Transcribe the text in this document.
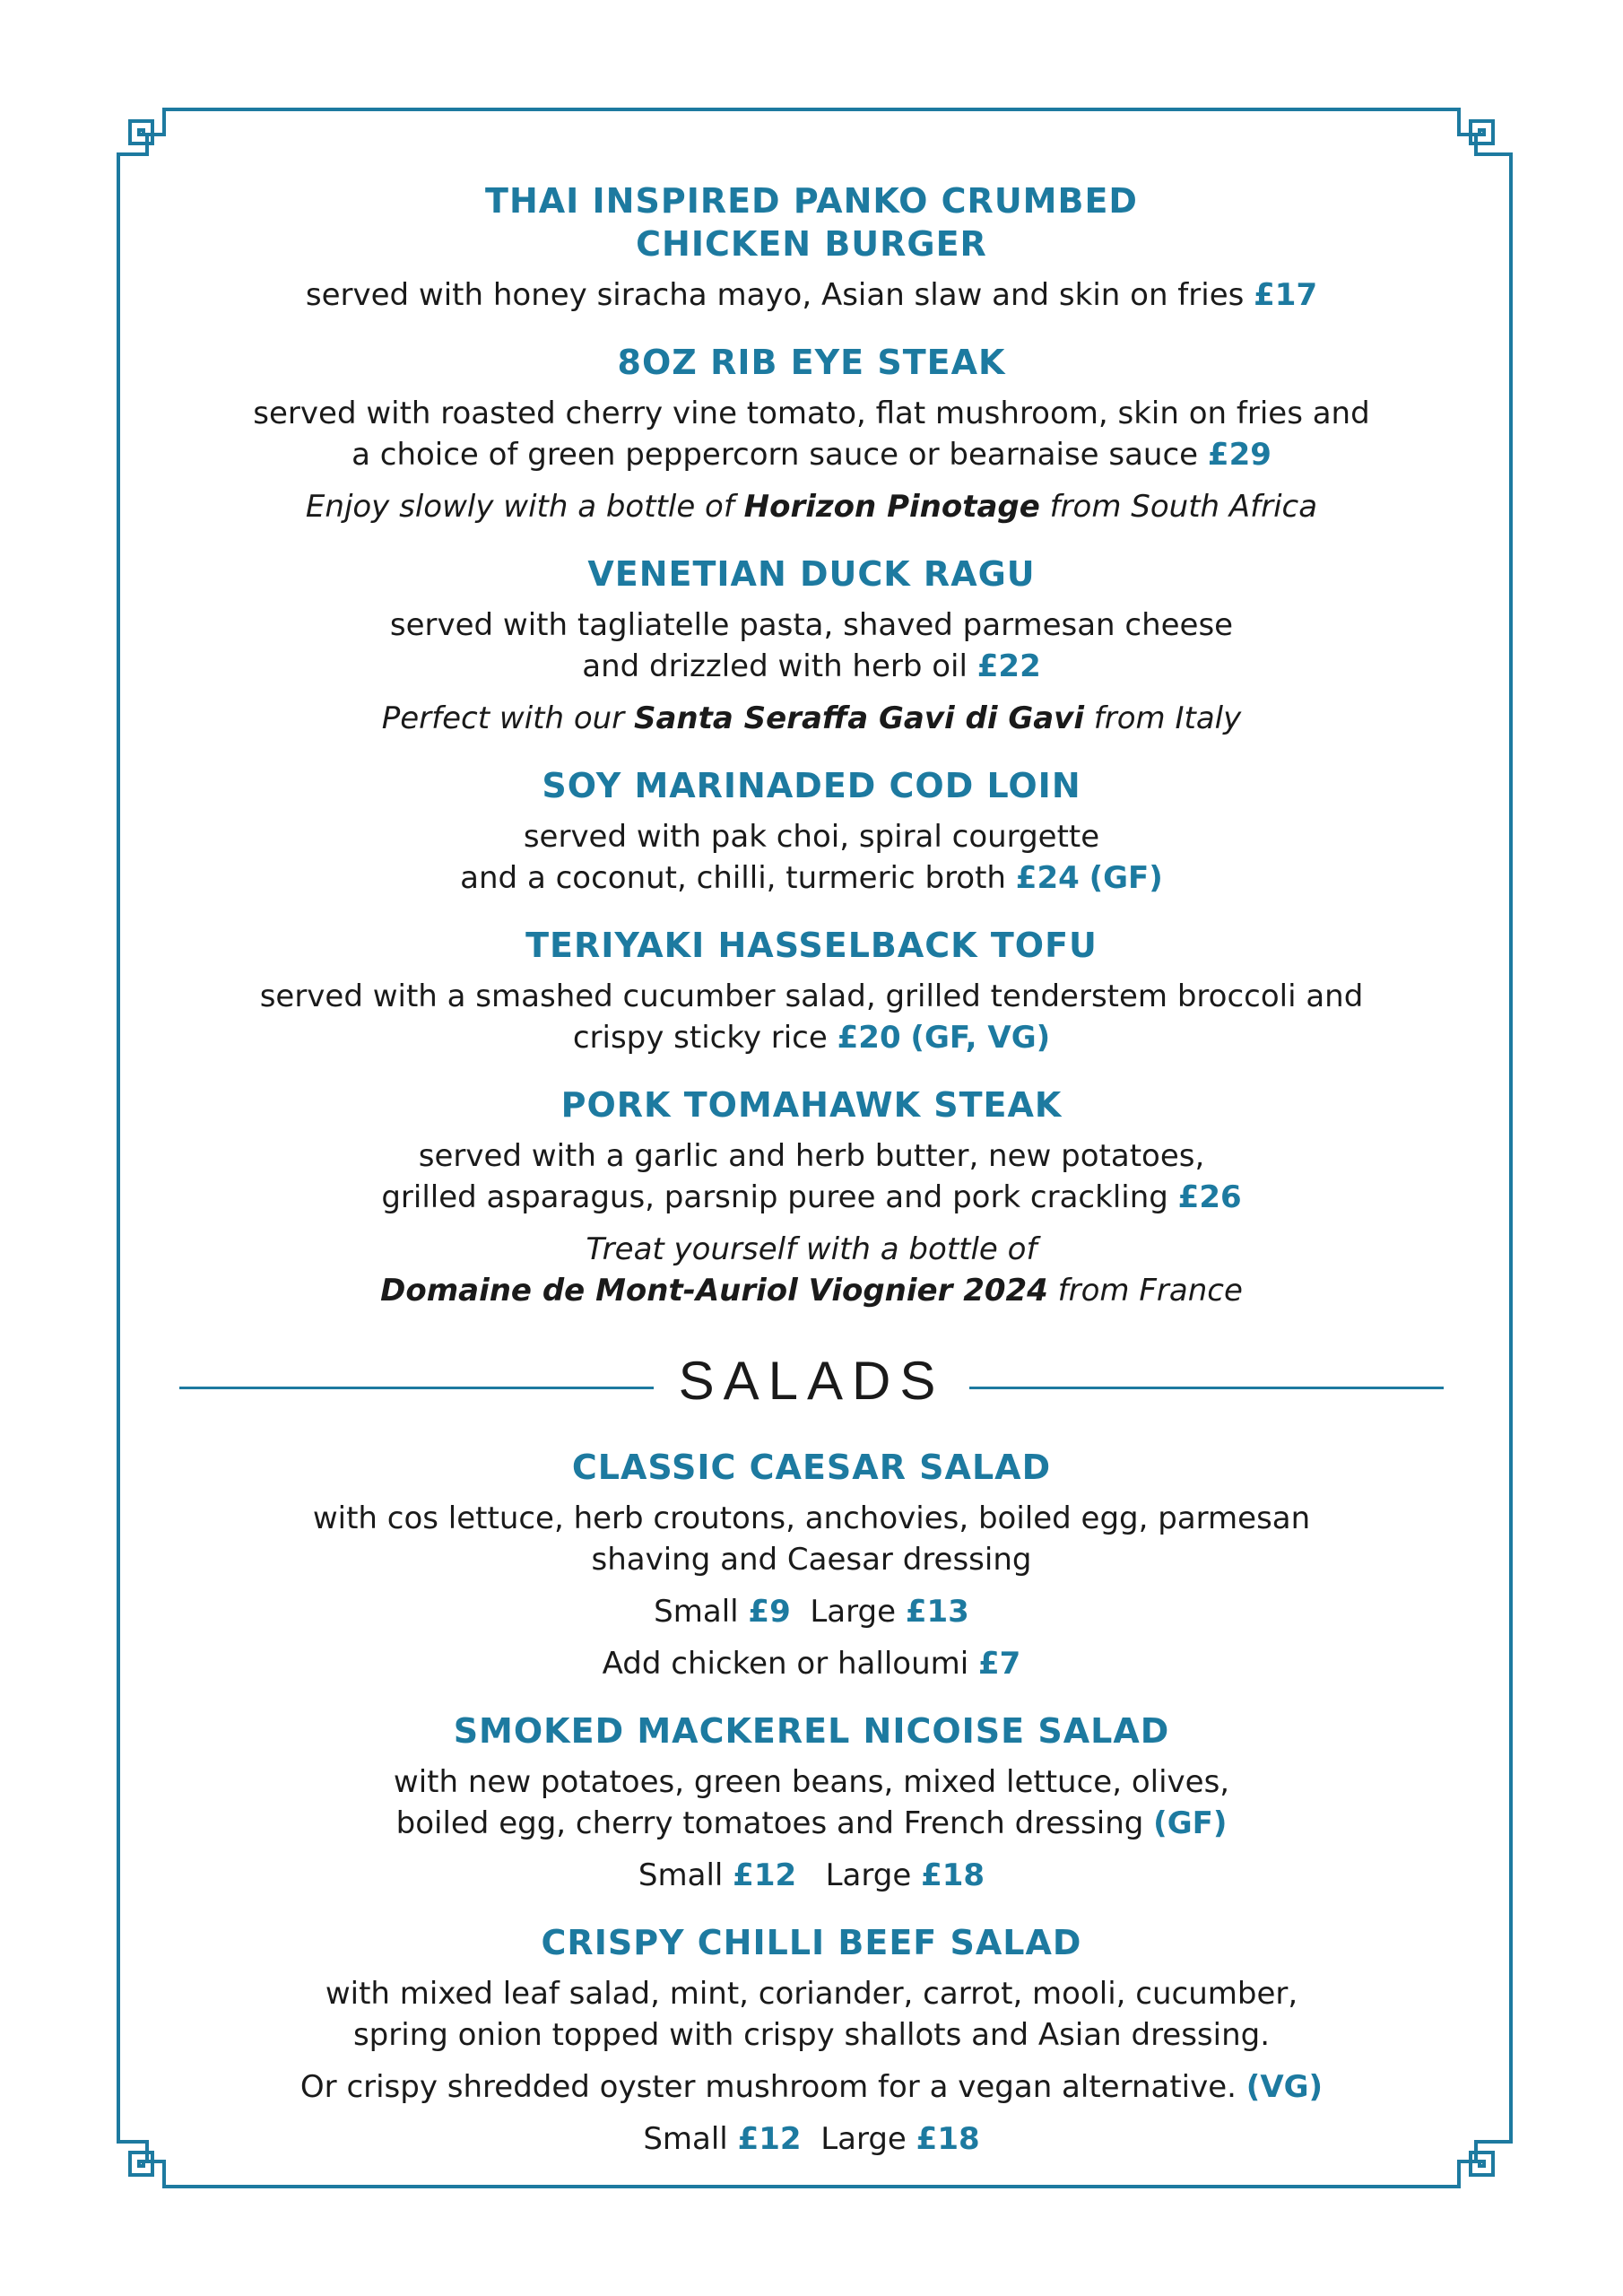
THAI INSPIRED PANKO CRUMBED
CHICKEN BURGER

served with honey siracha mayo, Asian slaw and skin on fries £17

8OZ RIB EYE STEAK

served with roasted cherry vine tomato, flat mushroom, skin on fries and
a choice of green peppercorn sauce or bearnaise sauce £29

Enjoy slowly with a bottle of Horizon Pinotage from South Africa

VENETIAN DUCK RAGU

served with tagliatelle pasta, shaved parmesan cheese
and drizzled with herb oil £22

Perfect with our Santa Seraffa Gavi di Gavi from Italy

SOY MARINADED COD LOIN

served with pak choi, spiral courgette
and a coconut, chilli, turmeric broth £24 (GF)

TERIYAKI HASSELBACK TOFU

served with a smashed cucumber salad, grilled tenderstem broccoli and
crispy sticky rice £20 (GF, VG)

PORK TOMAHAWK STEAK

served with a garlic and herb butter, new potatoes,
grilled asparagus, parsnip puree and pork crackling £26

Treat yourself with a bottle of
Domaine de Mont-Auriol Viognier 2024 from France

SALADS

CLASSIC CAESAR SALAD

with cos lettuce, herb croutons, anchovies, boiled egg, parmesan
shaving and Caesar dressing

Small £9 Large £13

Add chicken or halloumi £7

SMOKED MACKEREL NICOISE SALAD

with new potatoes, green beans, mixed lettuce, olives,
boiled egg, cherry tomatoes and French dressing (GF)

Small £12 Large £18

CRISPY CHILLI BEEF SALAD

with mixed leaf salad, mint, coriander, carrot, mooli, cucumber,
spring onion topped with crispy shallots and Asian dressing.

Or crispy shredded oyster mushroom for a vegan alternative. (VG)

Small £12 Large £18
